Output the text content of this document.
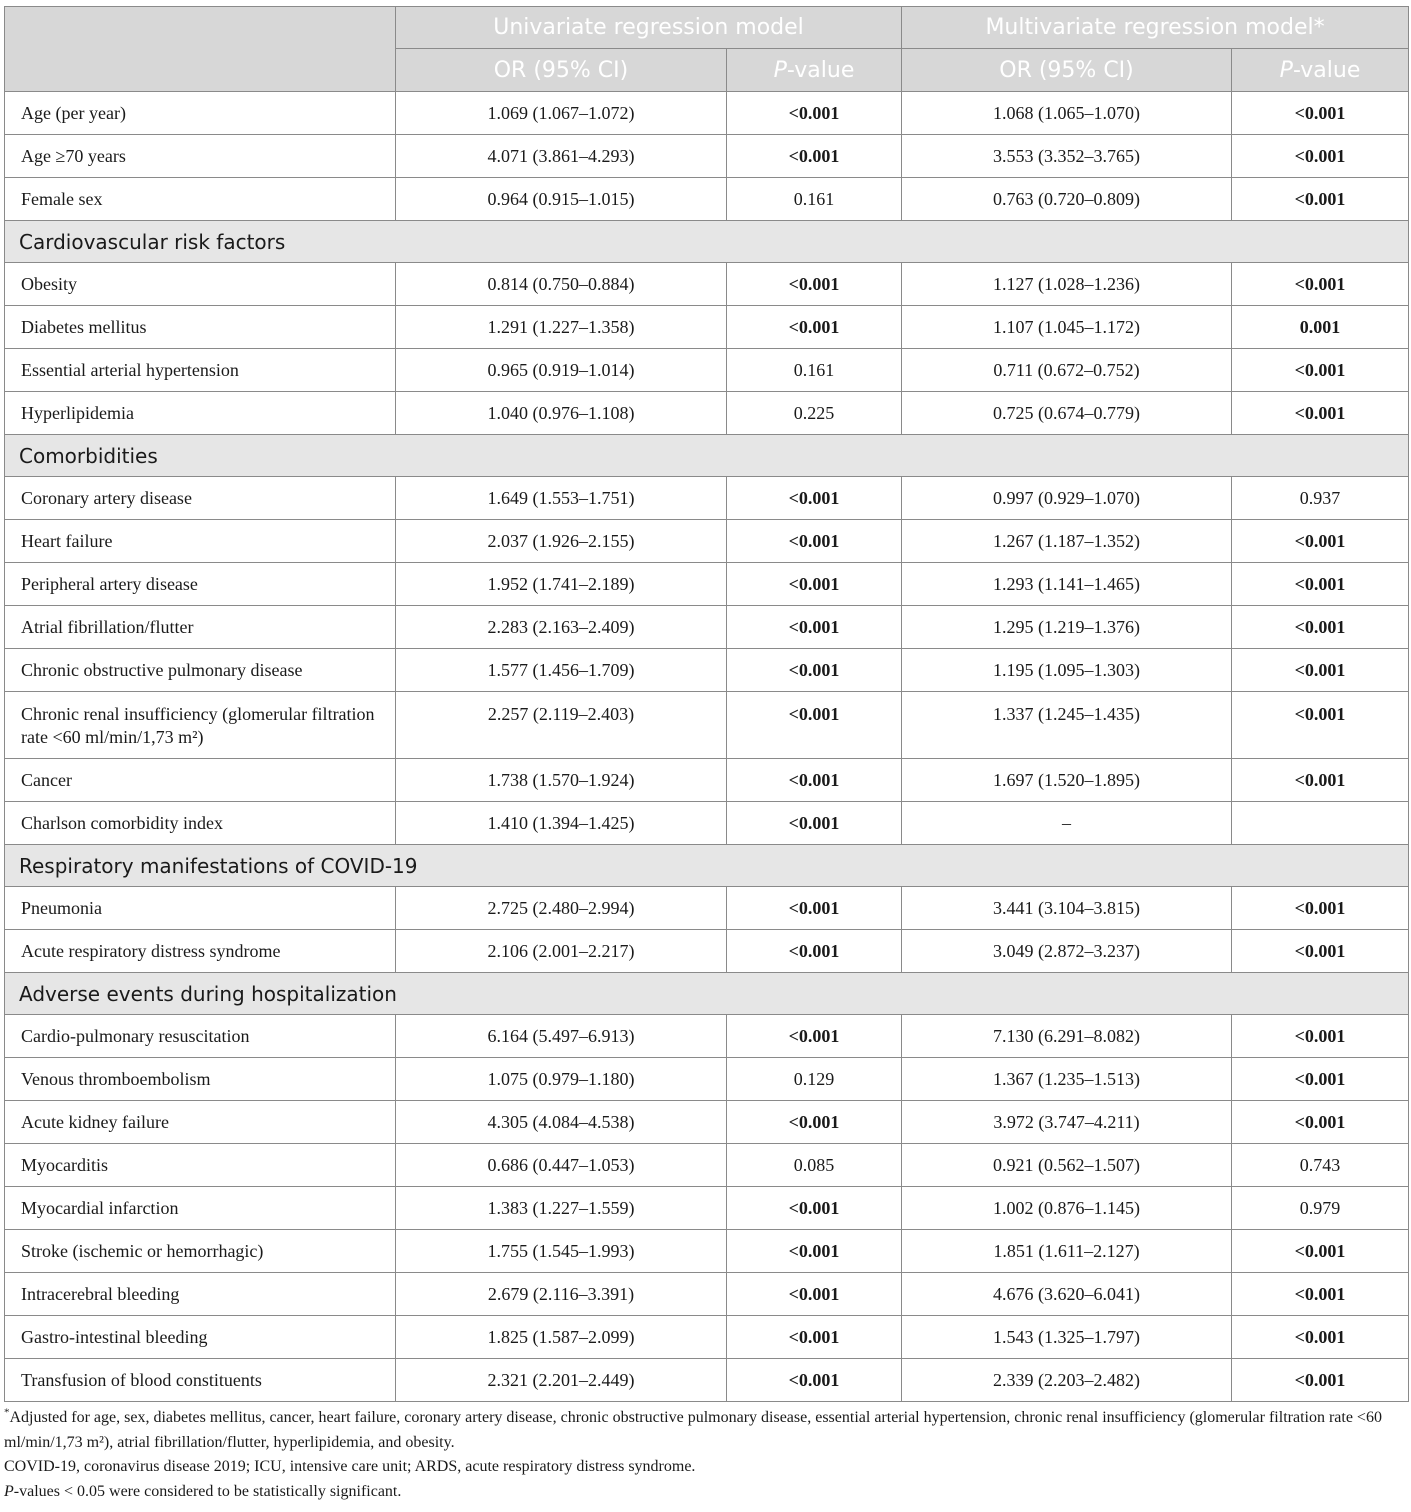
	Univariate regression model		Multivariate regression model*	
	OR (95% CI)	P-value	OR (95% CI)	P-value

Age (per year)	1.069 (1.067–1.072)	<0.001	1.068 (1.065–1.070)	<0.001

Age ≥70 years	4.071 (3.861–4.293)	<0.001	3.553 (3.352–3.765)	<0.001

Female sex	0.964 (0.915–1.015)	0.161	0.763 (0.720–0.809)	<0.001

Cardiovascular risk factors				

Obesity	0.814 (0.750–0.884)	<0.001	1.127 (1.028–1.236)	<0.001

Diabetes mellitus	1.291 (1.227–1.358)	<0.001	1.107 (1.045–1.172)	0.001

Essential arterial hypertension	0.965 (0.919–1.014)	0.161	0.711 (0.672–0.752)	<0.001

Hyperlipidemia	1.040 (0.976–1.108)	0.225	0.725 (0.674–0.779)	<0.001

Comorbidities				

Coronary artery disease	1.649 (1.553–1.751)	<0.001	0.997 (0.929–1.070)	0.937

Heart failure	2.037 (1.926–2.155)	<0.001	1.267 (1.187–1.352)	<0.001

Peripheral artery disease	1.952 (1.741–2.189)	<0.001	1.293 (1.141–1.465)	<0.001

Atrial fibrillation/flutter	2.283 (2.163–2.409)	<0.001	1.295 (1.219–1.376)	<0.001

Chronic obstructive pulmonary disease	1.577 (1.456–1.709)	<0.001	1.195 (1.095–1.303)	<0.001

Chronic renal insufficiency (glomerular filtration rate <60 ml/min/1,73 m²)	2.257 (2.119–2.403)	<0.001	1.337 (1.245–1.435)	<0.001

Cancer	1.738 (1.570–1.924)	<0.001	1.697 (1.520–1.895)	<0.001

Charlson comorbidity index	1.410 (1.394–1.425)	<0.001	–	

Respiratory manifestations of COVID-19				

Pneumonia	2.725 (2.480–2.994)	<0.001	3.441 (3.104–3.815)	<0.001

Acute respiratory distress syndrome	2.106 (2.001–2.217)	<0.001	3.049 (2.872–3.237)	<0.001

Adverse events during hospitalization				

Cardio-pulmonary resuscitation	6.164 (5.497–6.913)	<0.001	7.130 (6.291–8.082)	<0.001

Venous thromboembolism	1.075 (0.979–1.180)	0.129	1.367 (1.235–1.513)	<0.001

Acute kidney failure	4.305 (4.084–4.538)	<0.001	3.972 (3.747–4.211)	<0.001

Myocarditis	0.686 (0.447–1.053)	0.085	0.921 (0.562–1.507)	0.743

Myocardial infarction	1.383 (1.227–1.559)	<0.001	1.002 (0.876–1.145)	0.979

Stroke (ischemic or hemorrhagic)	1.755 (1.545–1.993)	<0.001	1.851 (1.611–2.127)	<0.001

Intracerebral bleeding	2.679 (2.116–3.391)	<0.001	4.676 (3.620–6.041)	<0.001

Gastro-intestinal bleeding	1.825 (1.587–2.099)	<0.001	1.543 (1.325–1.797)	<0.001

Transfusion of blood constituents	2.321 (2.201–2.449)	<0.001	2.339 (2.203–2.482)	<0.001

*Adjusted for age, sex, diabetes mellitus, cancer, heart failure, coronary artery disease, chronic obstructive pulmonary disease, essential arterial hypertension, chronic renal insufficiency (glomerular filtration rate <60 ml/min/1,73 m²), atrial fibrillation/flutter, hyperlipidemia, and obesity.

COVID-19, coronavirus disease 2019; ICU, intensive care unit; ARDS, acute respiratory distress syndrome.

P-values < 0.05 were considered to be statistically significant.
